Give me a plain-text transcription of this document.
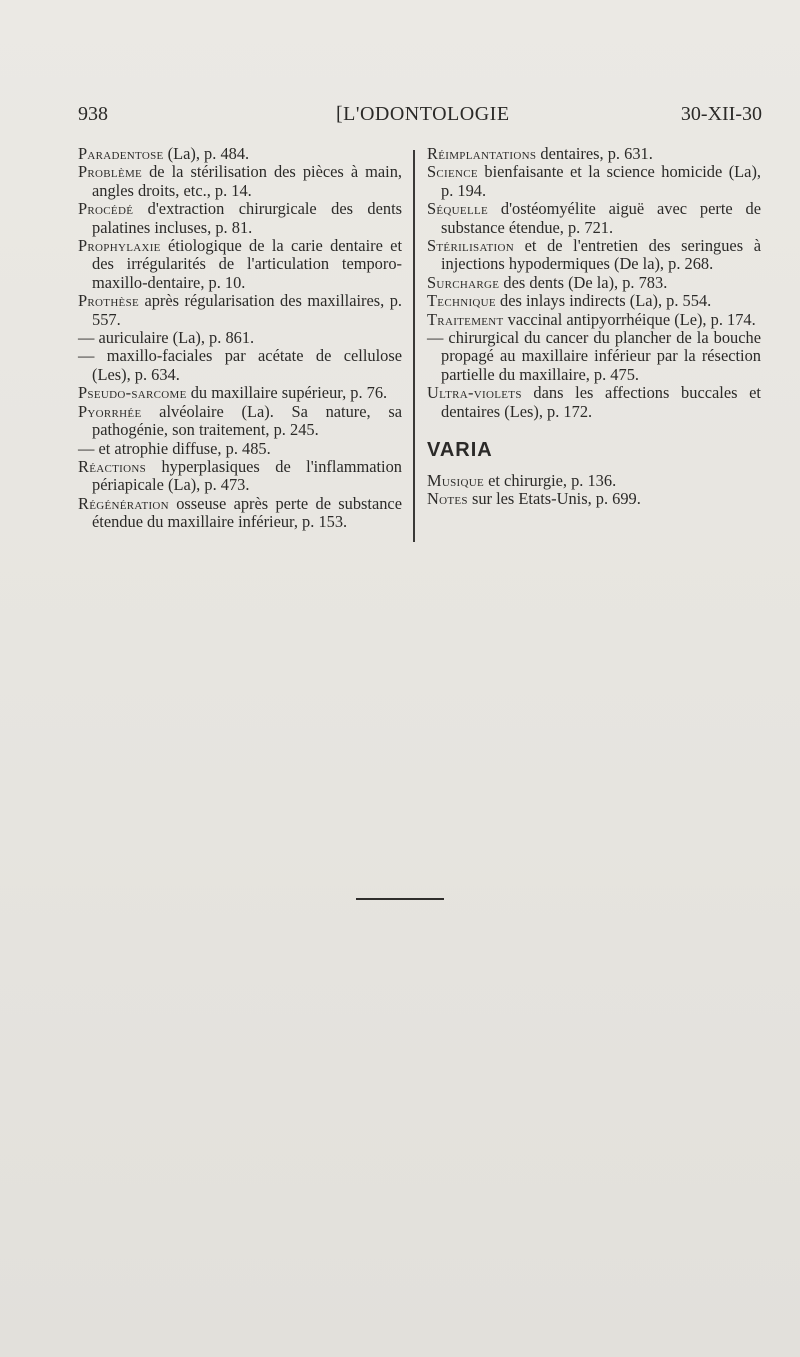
938	[L'ODONTOLOGIE	30-XII-30

Paradentose (La), p. 484.

Problème de la stérilisation des pièces à main, angles droits, etc., p. 14.

Procédé d'extraction chirurgicale des dents palatines incluses, p. 81.

Prophylaxie étiologique de la carie dentaire et des irrégularités de l'articulation temporo-maxillo-dentaire, p. 10.

Prothèse après régularisation des maxillaires, p. 557.

— auriculaire (La), p. 861.

— maxillo-faciales par acétate de cellulose (Les), p. 634.

Pseudo-sarcome du maxillaire supérieur, p. 76.

Pyorrhée alvéolaire (La). Sa nature, sa pathogénie, son traitement, p. 245.

— et atrophie diffuse, p. 485.

Réactions hyperplasiques de l'inflammation périapicale (La), p. 473.

Régénération osseuse après perte de substance étendue du maxillaire inférieur, p. 153.

Réimplantations dentaires, p. 631.

Science bienfaisante et la science homicide (La), p. 194.

Séquelle d'ostéomyélite aiguë avec perte de substance étendue, p. 721.

Stérilisation et de l'entretien des seringues à injections hypodermiques (De la), p. 268.

Surcharge des dents (De la), p. 783.

Technique des inlays indirects (La), p. 554.

Traitement vaccinal antipyorrhéique (Le), p. 174.

— chirurgical du cancer du plancher de la bouche propagé au maxillaire inférieur par la résection partielle du maxillaire, p. 475.

Ultra-violets dans les affections buccales et dentaires (Les), p. 172.

VARIA

Musique et chirurgie, p. 136.

Notes sur les Etats-Unis, p. 699.
